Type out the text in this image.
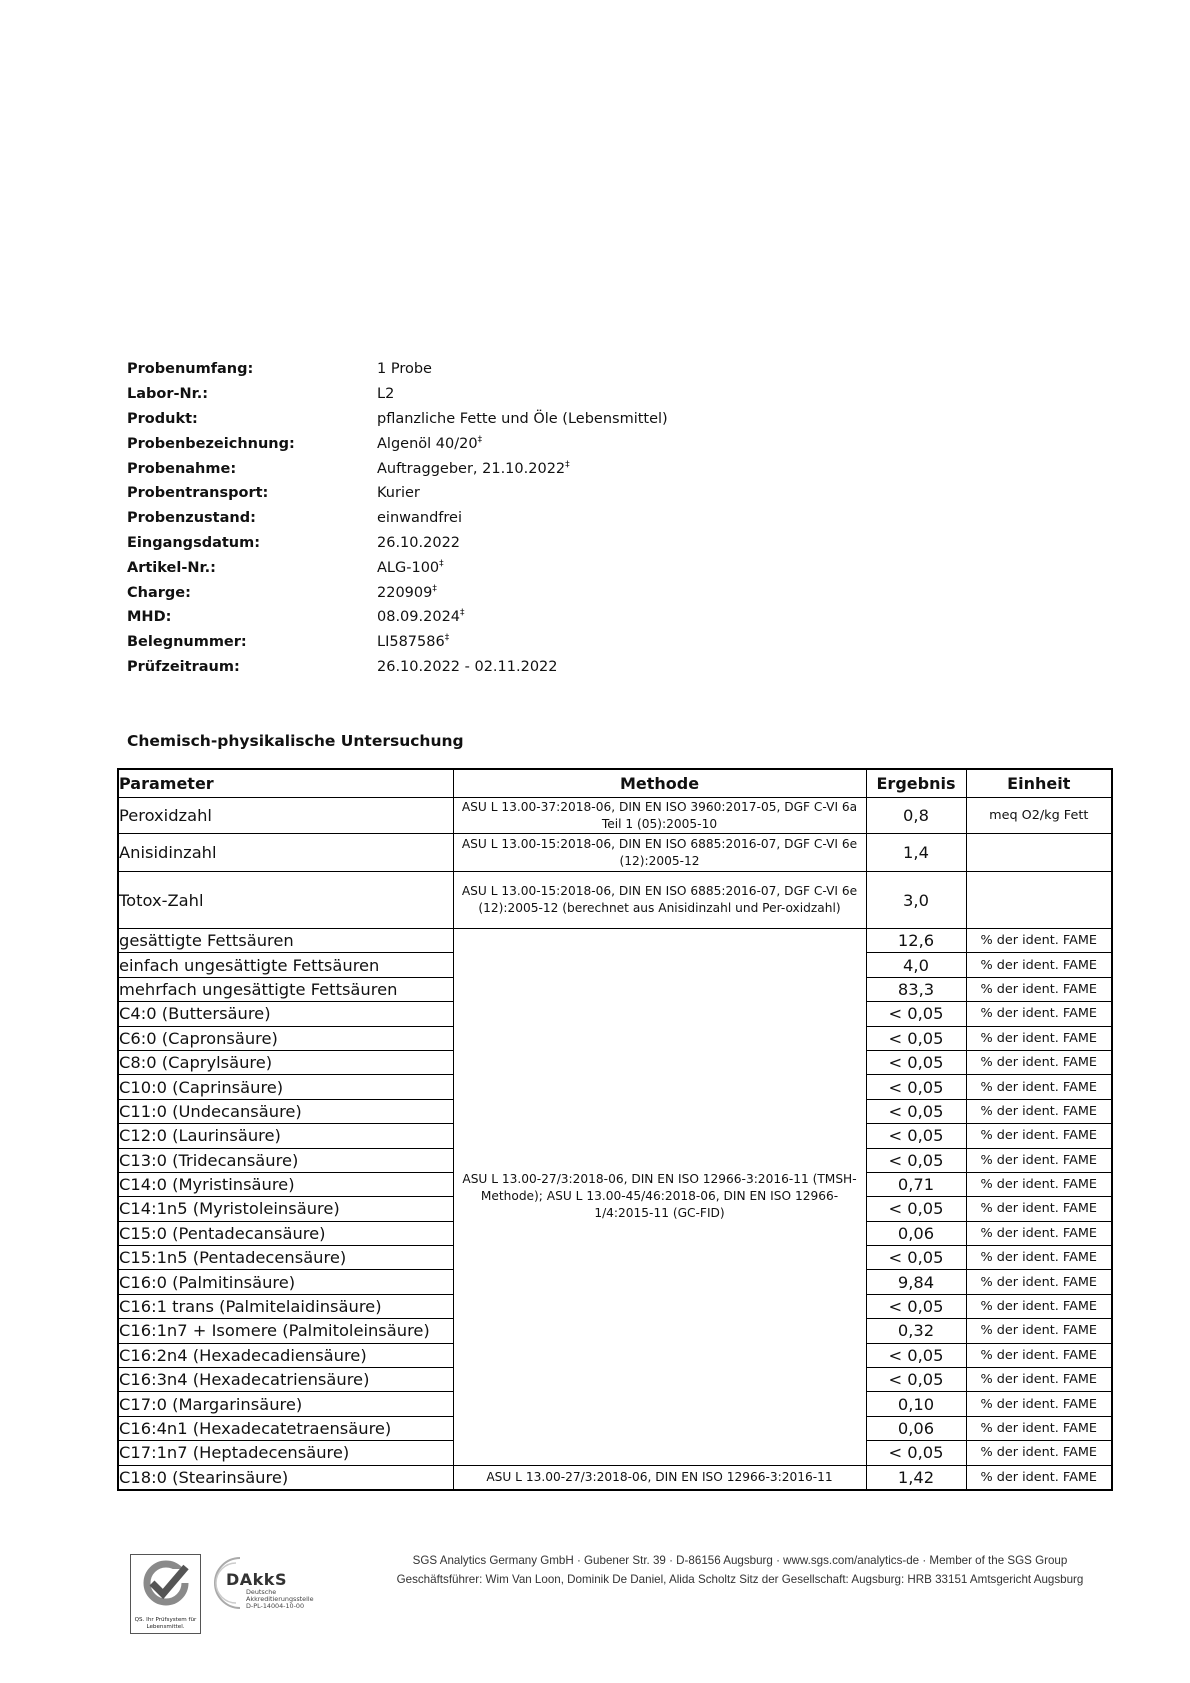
Probenumfang:	1 Probe
Labor-Nr.:	L2
Produkt:	pflanzliche Fette und Öle (Lebensmittel)
Probenbezeichnung:	Algenöl 40/20‡
Probenahme:	Auftraggeber, 21.10.2022‡
Probentransport:	Kurier
Probenzustand:	einwandfrei
Eingangsdatum:	26.10.2022
Artikel-Nr.:	ALG-100‡
Charge:	220909‡
MHD:	08.09.2024‡
Belegnummer:	LI587586‡
Prüfzeitraum:	26.10.2022 - 02.11.2022
Chemisch-physikalische Untersuchung
Parameter	Methode	Ergebnis	Einheit
Peroxidzahl	ASU L 13.00-37:2018-06, DIN EN ISO 3960:2017-05, DGF C-VI 6a Teil 1 (05):2005-10	0,8	meq O2/kg Fett
Anisidinzahl	ASU L 13.00-15:2018-06, DIN EN ISO 6885:2016-07, DGF C-VI 6e (12):2005-12	1,4	
Totox-Zahl	ASU L 13.00-15:2018-06, DIN EN ISO 6885:2016-07, DGF C-VI 6e (12):2005-12 (berechnet aus Anisidinzahl und Per-oxidzahl)	3,0	
gesättigte Fettsäuren	ASU L 13.00-27/3:2018-06, DIN EN ISO 12966-3:2016-11 (TMSH-Methode); ASU L 13.00-45/46:2018-06, DIN EN ISO 12966-1/4:2015-11 (GC-FID)	12,6	% der ident. FAME
einfach ungesättigte Fettsäuren		4,0	% der ident. FAME
mehrfach ungesättigte Fettsäuren		83,3	% der ident. FAME
C4:0 (Buttersäure)		< 0,05	% der ident. FAME
C6:0 (Capronsäure)		< 0,05	% der ident. FAME
C8:0 (Caprylsäure)		< 0,05	% der ident. FAME
C10:0 (Caprinsäure)		< 0,05	% der ident. FAME
C11:0 (Undecansäure)		< 0,05	% der ident. FAME
C12:0 (Laurinsäure)		< 0,05	% der ident. FAME
C13:0 (Tridecansäure)		< 0,05	% der ident. FAME
C14:0 (Myristinsäure)		0,71	% der ident. FAME
C14:1n5 (Myristoleinsäure)		< 0,05	% der ident. FAME
C15:0 (Pentadecansäure)		0,06	% der ident. FAME
C15:1n5 (Pentadecensäure)		< 0,05	% der ident. FAME
C16:0 (Palmitinsäure)		9,84	% der ident. FAME
C16:1 trans (Palmitelaidinsäure)		< 0,05	% der ident. FAME
C16:1n7 + Isomere (Palmitoleinsäure)		0,32	% der ident. FAME
C16:2n4 (Hexadecadiensäure)		< 0,05	% der ident. FAME
C16:3n4 (Hexadecatriensäure)		< 0,05	% der ident. FAME
C17:0 (Margarinsäure)		0,10	% der ident. FAME
C16:4n1 (Hexadecatetraensäure)		0,06	% der ident. FAME
C17:1n7 (Heptadecensäure)		< 0,05	% der ident. FAME
C18:0 (Stearinsäure)	ASU L 13.00-27/3:2018-06, DIN EN ISO 12966-3:2016-11	1,42	% der ident. FAME
QS. Ihr Prüfsystem für Lebensmittel.
DAkkS
Deutsche
Akkreditierungsstelle
D-PL-14004-10-00
SGS Analytics Germany GmbH · Gubener Str. 39 · D-86156 Augsburg · www.sgs.com/analytics-de · Member of the SGS Group
Geschäftsführer: Wim Van Loon, Dominik De Daniel, Alida Scholtz Sitz der Gesellschaft: Augsburg: HRB 33151 Amtsgericht Augsburg
